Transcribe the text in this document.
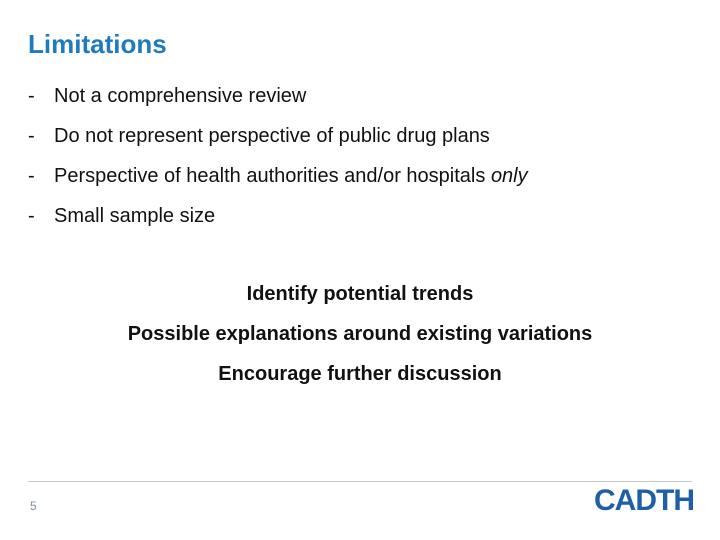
Limitations
- Not a comprehensive review
- Do not represent perspective of public drug plans
- Perspective of health authorities and/or hospitals only
- Small sample size
Identify potential trends
Possible explanations around existing variations
Encourage further discussion
5	CADTH
